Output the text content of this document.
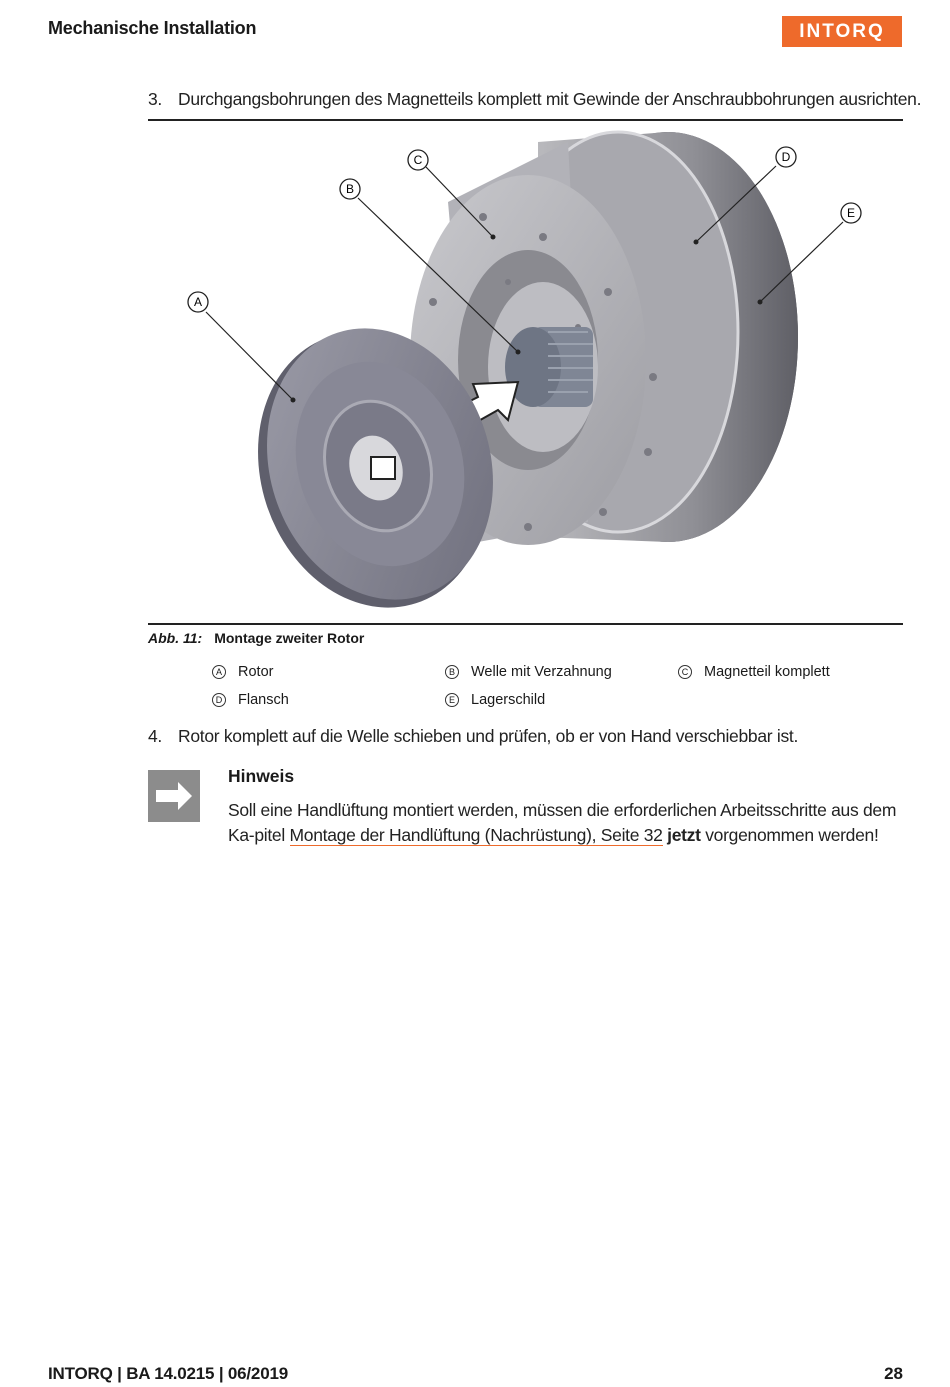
Mechanische Installation	INTORQ
3. Durchgangsbohrungen des Magnetteils komplett mit Gewinde der Anschraubbohrungen ausrichten.
A
B
C	D
E
Abb. 11: Montage zweiter Rotor
A Rotor	B Welle mit Verzahnung	C Magnetteil komplett
D Flansch	E Lagerschild
4. Rotor komplett auf die Welle schieben und prüfen, ob er von Hand verschiebbar ist.
Hinweis
Soll eine Handlüftung montiert werden, müssen die erforderlichen Arbeitsschritte aus dem Ka-pitel Montage der Handlüftung (Nachrüstung), Seite 32 jetzt vorgenommen werden!
INTORQ | BA 14.0215 | 06/2019	28
